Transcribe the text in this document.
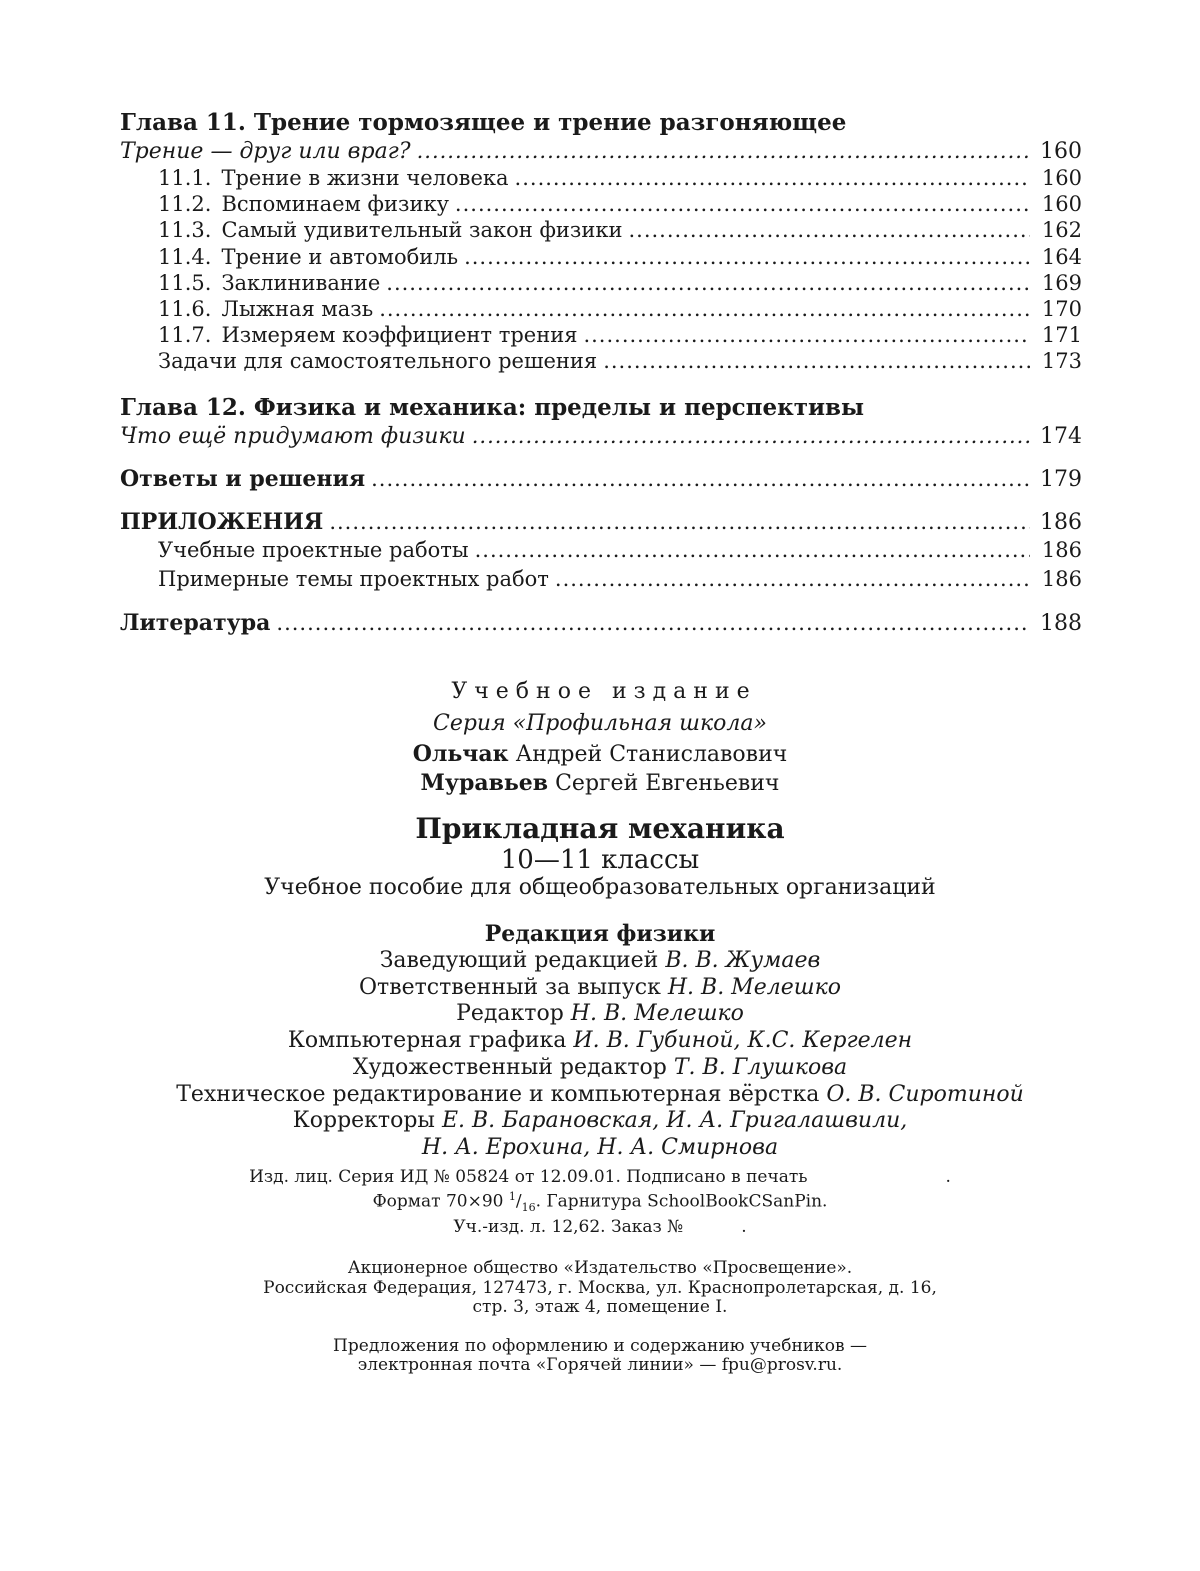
Глава 11. Трение тормозящее и трение разгоняющее
Трение — друг или враг? .....	160
11.1. Трение в жизни человека .....	160
11.2. Вспоминаем физику .....	160
11.3. Самый удивительный закон физики .....	162
11.4. Трение и автомобиль .....	164
11.5. Заклинивание .....	169
11.6. Лыжная мазь .....	170
11.7. Измеряем коэффициент трения .....	171
Задачи для самостоятельного решения .....	173
Глава 12. Физика и механика: пределы и перспективы
Что ещё придумают физики .....	174
Ответы и решения .....	179
ПРИЛОЖЕНИЯ .....	186
Учебные проектные работы .....	186
Примерные темы проектных работ .....	186
Литература .....	188
Учебное издание
Серия «Профильная школа»
Ольчак Андрей Станиславович
Муравьев Сергей Евгеньевич
Прикладная механика
10—11 классы
Учебное пособие для общеобразовательных организаций
Редакция физики
Заведующий редакцией В. В. Жумаев
Ответственный за выпуск Н. В. Мелешко
Редактор Н. В. Мелешко
Компьютерная графика И. В. Губиной, К.С. Кергелен
Художественный редактор Т. В. Глушкова
Техническое редактирование и компьютерная вёрстка О. В. Сиротиной
Корректоры Е. В. Барановская, И. А. Григалашвили,
Н. А. Ерохина, Н. А. Смирнова
Изд. лиц. Серия ИД № 05824 от 12.09.01. Подписано в печать	.
Формат 70×90 $^1/_{16}$. Гарнитура SchoolBookCSanPin.
Уч.-изд. л. 12,62. Заказ №	.
Акционерное общество «Издательство «Просвещение».
Российская Федерация, 127473, г. Москва, ул. Краснопролетарская, д. 16,
стр. 3, этаж 4, помещение I.
Предложения по оформлению и содержанию учебников —
электронная почта «Горячей линии» — fpu@prosv.ru.
